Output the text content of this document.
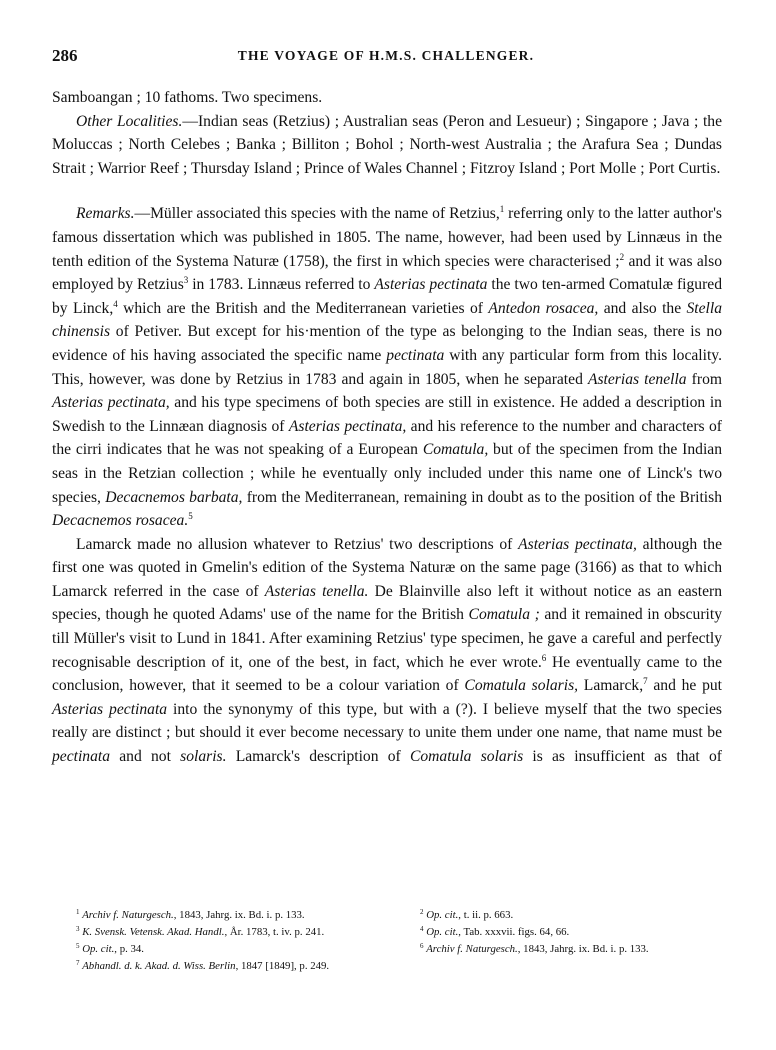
286	THE VOYAGE OF H.M.S. CHALLENGER.

Samboangan ; 10 fathoms. Two specimens.

Other Localities.—Indian seas (Retzius) ; Australian seas (Peron and Lesueur) ; Singapore ; Java ; the Moluccas ; North Celebes ; Banka ; Billiton ; Bohol ; North-west Australia ; the Arafura Sea ; Dundas Strait ; Warrior Reef ; Thursday Island ; Prince of Wales Channel ; Fitzroy Island ; Port Molle ; Port Curtis.

Remarks.—Müller associated this species with the name of Retzius,$^1$ referring only to the latter author's famous dissertation which was published in 1805. The name, however, had been used by Linnæus in the tenth edition of the Systema Naturæ (1758), the first in which species were characterised ;$^2$ and it was also employed by Retzius$^3$ in 1783. Linnæus referred to Asterias pectinata the two ten-armed Comatulæ figured by Linck,$^4$ which are the British and the Mediterranean varieties of Antedon rosacea, and also the Stella chinensis of Petiver. But except for his·mention of the type as belonging to the Indian seas, there is no evidence of his having associated the specific name pectinata with any particular form from this locality. This, however, was done by Retzius in 1783 and again in 1805, when he separated Asterias tenella from Asterias pectinata, and his type specimens of both species are still in existence. He added a description in Swedish to the Linnæan diagnosis of Asterias pectinata, and his reference to the number and characters of the cirri indicates that he was not speaking of a European Comatula, but of the specimen from the Indian seas in the Retzian collection ; while he eventually only included under this name one of Linck's two species, Decacnemos barbata, from the Mediterranean, remaining in doubt as to the position of the British Decacnemos rosacea.$^5$

Lamarck made no allusion whatever to Retzius' two descriptions of Asterias pectinata, although the first one was quoted in Gmelin's edition of the Systema Naturæ on the same page (3166) as that to which Lamarck referred in the case of Asterias tenella. De Blainville also left it without notice as an eastern species, though he quoted Adams' use of the name for the British Comatula ; and it remained in obscurity till Müller's visit to Lund in 1841. After examining Retzius' type specimen, he gave a careful and perfectly recognisable description of it, one of the best, in fact, which he ever wrote.$^6$ He eventually came to the conclusion, however, that it seemed to be a colour variation of Comatula solaris, Lamarck,$^7$ and he put Asterias pectinata into the synonymy of this type, but with a (?). I believe myself that the two species really are distinct ; but should it ever become necessary to unite them under one name, that name must be pectinata and not solaris. Lamarck's description of Comatula solaris is as insufficient as that of

$^1$ Archiv f. Naturgesch., 1843, Jahrg. ix. Bd. i. p. 133.	$^2$ Op. cit., t. ii. p. 663.
$^3$ K. Svensk. Vetensk. Akad. Handl., År. 1783, t. iv. p. 241.	$^4$ Op. cit., Tab. xxxvii. figs. 64, 66.
$^5$ Op. cit., p. 34.	$^6$ Archiv f. Naturgesch., 1843, Jahrg. ix. Bd. i. p. 133.
$^7$ Abhandl. d. k. Akad. d. Wiss. Berlin, 1847 [1849], p. 249.
